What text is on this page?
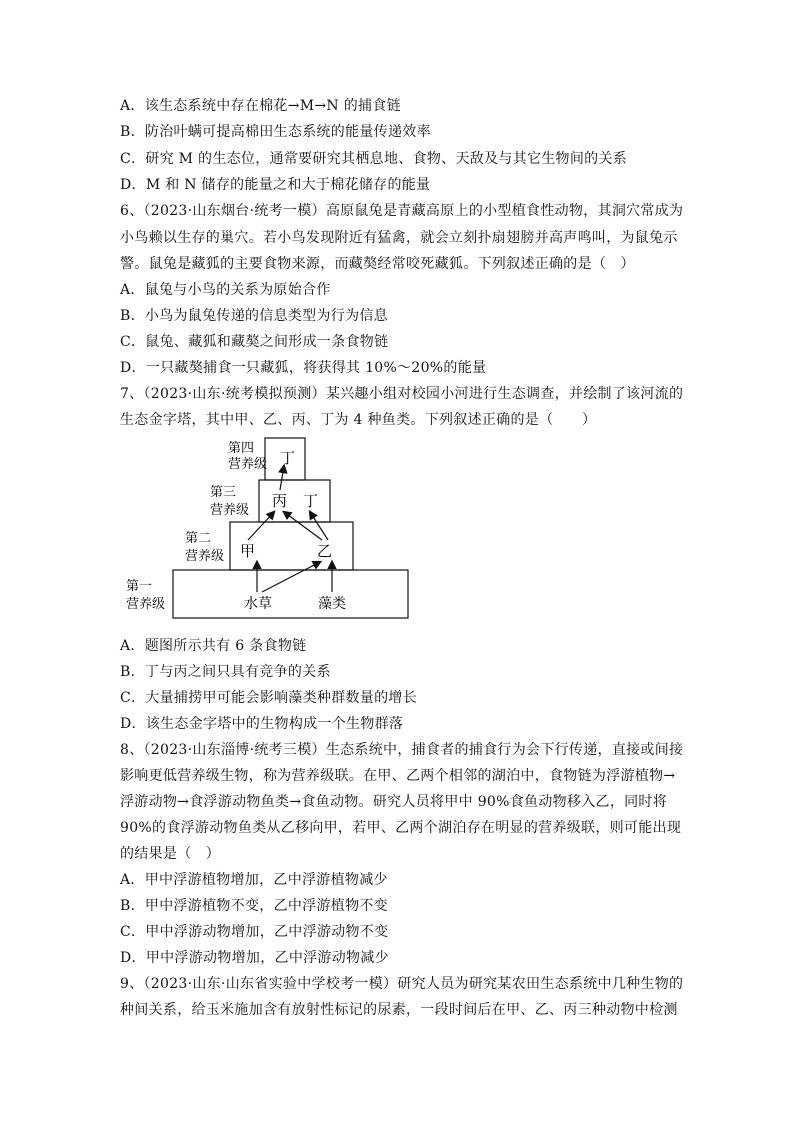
A．该生态系统中存在棉花→M→N 的捕食链
B．防治叶螨可提高棉田生态系统的能量传递效率
C．研究 M 的生态位，通常要研究其栖息地、食物、天敌及与其它生物间的关系
D．M 和 N 储存的能量之和大于棉花储存的能量
6、（2023·山东烟台·统考一模）高原鼠兔是青藏高原上的小型植食性动物，其洞穴常成为
小鸟赖以生存的巢穴。若小鸟发现附近有猛禽，就会立刻扑扇翅膀并高声鸣叫，为鼠兔示
警。鼠兔是藏狐的主要食物来源，而藏獒经常咬死藏狐。下列叙述正确的是（　）
A．鼠兔与小鸟的关系为原始合作
B．小鸟为鼠兔传递的信息类型为行为信息
C．鼠兔、藏狐和藏獒之间形成一条食物链
D．一只藏獒捕食一只藏狐，将获得其 10%～20%的能量
7、（2023·山东·统考模拟预测）某兴趣小组对校园小河进行生态调查，并绘制了该河流的
生态金字塔，其中甲、乙、丙、丁为 4 种鱼类。下列叙述正确的是（　　）
第四
营养级
第三
营养级
第二
营养级
第一
营养级
丁
丙 丁
甲	乙
水草	藻类
A．题图所示共有 6 条食物链
B．丁与丙之间只具有竞争的关系
C．大量捕捞甲可能会影响藻类种群数量的增长
D．该生态金字塔中的生物构成一个生物群落
8、（2023·山东淄博·统考三模）生态系统中，捕食者的捕食行为会下行传递，直接或间接
影响更低营养级生物，称为营养级联。在甲、乙两个相邻的湖泊中，食物链为浮游植物→
浮游动物→食浮游动物鱼类→食鱼动物。研究人员将甲中 90%食鱼动物移入乙，同时将
90%的食浮游动物鱼类从乙移向甲，若甲、乙两个湖泊存在明显的营养级联，则可能出现
的结果是（　）
A．甲中浮游植物增加，乙中浮游植物减少
B．甲中浮游植物不变，乙中浮游植物不变
C．甲中浮游动物增加，乙中浮游动物不变
D．甲中浮游动物增加，乙中浮游动物减少
9、（2023·山东·山东省实验中学校考一模）研究人员为研究某农田生态系统中几种生物的
种间关系，给玉米施加含有放射性标记的尿素，一段时间后在甲、乙、丙三种动物中检测
